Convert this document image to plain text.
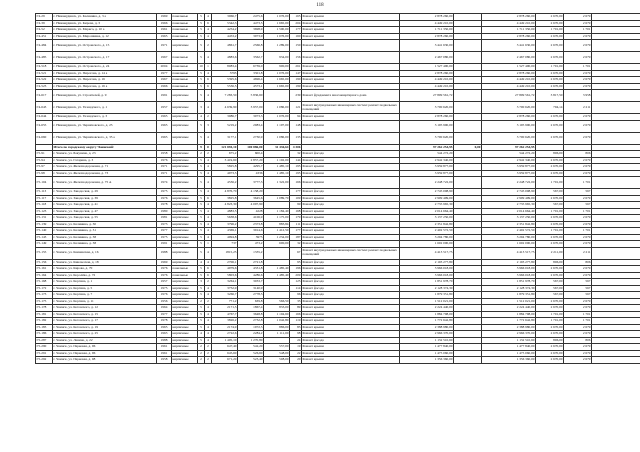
118
Г4-29	г. Нижнеудинск, ул. Калинина, д. 3 а	1969	панельные	5	4	3966,7	2475,6	1 076,00	165	Ремонт крыши	2 878 260,00		2 878 260,00	2 670,00	2 679	
Г4-39	г. Нижнеудинск, ул. Кирова, д. 3	1966	панельные	5	6	5342,3	4473,5	1 665,00	204	Ремонт крыши	4 449 210,00		4 449 210,00	2 670,00	2 679	
Г4-52	г. Нижнеудинск, ул. Маркса, д. 10 а	1961	панельные	5	4	4254,2	3698,9	1 500,00	177	Ремонт крыши	1 711 350,00		1 711 350,00	1 701,00	1 701	
Г4-451	г. Нижнеудинск, ул. Мирошника, д. 12	1965	панельные	5	4	4453,2	3973,9	1 076,00	160	Ремонт крыши	2 878 260,00		2 878 260,00	2 670,00	2 679	
Г4-484	г. Нижнеудинск, ул. Островского, д. 15	1971	кирпичные	5	2	4861,7	2566,8	1 289,00	150	Ремонт крыши	3 441 630,00		3 441 630,00	2 670,00	2 679	
Г4-485	г. Нижнеудинск, ул. Островского, д. 17	1967	панельные	5	4	4883,6	3562,7	934,00	156	Ремонт крыши	2 467 080,00		2 467 080,00	2 670,00	2 679	
Г4-518	г. Нижнеудинск, ул. Островского, д. 24	2004	панельные	10	1	8083,4	6739,0	900,00	261	Ремонт крыши	1 527 490,00		1 527 490,00	1 701,00	1 701	
Г4-521	г. Нижнеудинск, ул. Пирогова, д. 14 а	1977	панельные	5	4	3795	3301,8	1 076,00	147	Ремонт крыши	2 878 260,00		2 878 260,00	2 670,00	2 679	
Г4-522	г. Нижнеудинск, ул. Пирогова, д. 16	1967	панельные	5	6	5395,6	4696,4	1 665,00	190	Ремонт крыши	4 449 210,00		4 449 210,00	2 670,00	2 679	
Г4-523	г. Нижнеудинск, ул. Пирогова, д. 16 а	1966	панельные	5	6	5536,5	4573,1	1 665,00	199	Ремонт крыши	4 449 210,00		4 449 210,00	2 670,00	2 679	
Г4-617	г. Нижнеудинск, ул. Строителей, д. 9	1991	кирпичные	5	4	7 283,50	5 836,60		239	Ремонт фундамента многоквартирного дома	27 809 561,72		27 809 561,72	3 817,50	3 958	
Г4-643	г. Нижнеудинск, ул. Уезандского, д. 1	1957	кирпичные	3	4	4 639,90	3 957,00	1 086,00	121	Ремонт внутридомовых инженерных систем: ремонт подвальных помещений	3 700 620,00		3 700 620,00	794,14	2 211	
Г4-644	г. Нижнеудинск, ул. Уезандского, д. 3	1965	кирпичные	4	2	3986,7	3073,3	1 076,00	94	Ремонт крыши	2 878 260,00		2 878 260,00	2 670,00	2 679	
Г4-655	г. Нижнеудинск, ул. Черняховского, д. 23	1965	кирпичные	5	3	5219,2	2983,4	1 197,00	148	Ремонт крыши	3 195 990,00		3 195 990,00	2 670,00	2 679	
Г4-660	г. Нижнеудинск, ул. Черняховского, д. 35 а	1965	кирпичные	5	4	3177,1	2730,9	1 086,00	135	Ремонт крыши	3 700 620,00		3 700 620,00	2 670,00	2 679	
	Итого по городскому округу Чаинский:			9	0	121 894,10	100 886,00	31 436,64	4 306		97 262 254,95	0,00	97 262 254,95			
Г5-91	г. Чаинск, ул. Бакунина, д. 23	1958	кирпичные	2	2	675,2	600,4		32	Ремонт фасада	544 272,20		544 272,20	806,00	806	
Г5-94	г. Чаинск, ул. Гагарина, д. 3	1976	кирпичные	5	4	3 419,60	2 857,20	1 102,00	144	Ремонт крыши	2 942 340,00		2 942 340,00	2 670,00	2 679	
Г5-97	г. Чаинск, ул. Железнодорожная, д. 71	1971	кирпичные	5	4	5825,8	4295,7	1 485,10	195	Ремонт крыши	3 959 877,00		3 959 877,00	2 670,00	2 679	
Г5-98	г. Чаинск, ул. Железнодорожная, д. 73	1971	кирпичные	5	4	4973,5	4336	1 485,10	195	Ремонт крыши	3 959 877,00		3 959 877,00	2 670,00	2 679	
Г5-104	г. Чаинск, ул. Железнодорожная, д. 75 А	1974	кирпичные	5	4	4536,2	3777,3	1 322,00	166	Ремонт крыши	2 248 722,00		2 248 722,00	1 701,00	1 701	
Г5-113	г. Чаинск, ул. Заводоская, д. 29	1975	кирпичные	5	4	4 876,70	4 158,20		177	Ремонт фасада	2 745 008,90		2 745 008,90	567,00	567	
Г5-117	г. Чаинск, ул. Заводоская, д. 39	1976	кирпичные	5	6	3825,8	3645,6	1 089,70	109	Ремонт крыши	2 909 499,00		2 909 499,00	2 670,00	2 679	
Г5-118	г. Чаинск, ул. Заводоская, д. 41	1978	кирпичные	5	4	4 823,30	4 097,90		99	Ремонт фасада	2 735 965,30		2 735 965,30	567,00	567	
Г5-123	г. Чаинск, ул. Заводоская, д. 47	1980	кирпичные	5	4	4883,5	4228	1 184,40	168	Ремонт крыши	2 014 664,40		2 014 664,40	1 701,00	1 701	
Г5-131	г. Чаинск, ул. Заводоская, д. 55	1981	кирпичные	5	4	5638,6	4106,9	1 175,00	179	Ремонт крыши	3 137 250,00		3 137 250,00	2 670,00	2 679	
Г5-139	г. Чаинск, ул. Калинина, д. 30	1973	кирпичные	5	4	3796,2	2373,8	883,84	111	Ремонт крыши	2 351 842,80		2 351 842,80	2 670,00	2 679	
Г5-140	г. Чаинск, ул. Калинина, д. 31	1977	кирпичные	5	4	4369,1	3914,6	1 412,50	177	Ремонт крыши	2 402 572,50		2 402 572,50	1 701,00	1 701	
Г5-143	г. Чаинск, ул. Калинина, д. 38	1975	кирпичные	5	4	4994,8	3975	1 234,00	187	Ремонт крыши	3 294 780,00		3 294 780,00	2 670,00	2 679	
Г5-149	г. Чаинск, ул. Калинина, д. 38	1991	кирпичные	5	1	737	473,2	600,00	32	Ремонт крыши	1 602 000,00		1 602 000,00	2 670,00	2 679	
Г5-155	г. Чаинск, ул. Каинавская, д. 16	1988	кирпичные	5	4	1815,25	1335,2		67	Ремонт внутридомовых инженерных систем: ремонт подвальных помещений	4 413 517,75		4 413 517,75	2 211,00	2 211	
Г5-156	г. Чаинск, ул. Киначеская, д. 18	1969	кирпичные	4	4	2706,1	2721,8		95	Ремонт фасада	2 193 277,80		2 193 277,80	806,00	806	
Г5-161	г. Чаинск, ул. Кирова, д. 70	1976	панельные	5	6	4979,6	4331,8	1 485,40	196	Ремонт крыши	3 966 018,00		3 966 018,00	2 670,00	2 679	
Г5-164	г. Чаинск, ул. Королёва, д. 72	1976	панельные	5	6	5803,6	4286,6	1 485,40	209	Ремонт крыши	3 966 018,00		3 966 018,00	2 670,00	2 679	
Г5-168	г. Чаинск, ул. Коргина, д. 1	1957	кирпичные	3	2	3264,1	3033,7		125	Ремонт фасада	1 851 978,70		1 851 978,70	567,00	567	
Г5-172	г. Чаинск, ул. Коргина, д. 5	1975	кирпичные	5	4	3752,9	3140,9		114	Ремонт фасада	2 128 374,30		2 128 374,30	567,00	567	
Г5-173	г. Чаинск, ул. Коргина, д. 7	1976	кирпичные	5	4	3266,7	2778,5		96	Ремонт фасада	1 879 351,80		1 879 351,80	567,00	567	
Г5-175	г. Чаинск, ул. Коргина, д. 11	1956	кирпичные	2	2	771,2	639,8	566,50	33	Ремонт крыши	1 512 021,00		1 512 021,00	2 670,00	2 679	
Г5-178	г. Чаинск, ул. Котовского, д. 12	1964	кирпичные	5	4	2171,5	1867,4	833,00	89	Ремонт крыши	2 224 440,00		2 224 440,00	2 670,00	2 679	
Г5-181	г. Чаинск, ул. Котовского, д. 15	1977	кирпичные	5	4	4767,7	3648,8	1 104,60	166	Ремонт крыши	1 884 798,00		1 884 798,00	1 701,00	1 701	
Г5-182	г. Чаинск, ул. Котовского, д. 17	1978	кирпичные	5	4	3826,2	2732,8	1 042,80	119	Ремонт крыши	1 772 642,80		1 772 642,80	1 701,00	1 701	
Г5-183	г. Чаинск, ул. Котовского, д. 19	1965	кирпичные	5	4	2174,9	1972,5	886,00	83	Ремонт крыши	2 388 980,00		2 388 980,00	2 670,00	2 679	
Г5-186	г. Чаинск, ул. Котовского, д. 25	1963	кирпичные	4	4	2722,6	2284,2	1 111,00	98	Ремонт крыши	2 966 370,00		2 966 370,00	2 670,00	2 679	
Г5-287	г. Чаинск, ул. Ленина, д. 22	1988	кирпичные	5	4	1 405,10	1 270,80		24	Ремонт фасада	1 132 510,60		1 132 510,60	806,00	806	
Г5-290	г. Чаинск, ул. Парковая, д. 96	1961	кирпичные	2	2	647,40	542,20	557,00	19	Ремонт крыши	1 477 840,00		1 477 840,00	2 670,00	2 679	
Г5-291	г. Чаинск, ул. Парковая, д. 96	1961	кирпичные	2	2	645,60	526,60	548,00	22	Ремонт крыши	1 475 060,00		1 475 060,00	2 670,00	2 679	
Г5-292	г. Чаинск, ул. Парковая, д. 98	1958	кирпичные	2	2	671,20	523,40	508,00	20	Ремонт крыши	1 356 360,00		1 356 360,00	2 670,00	2 679	
